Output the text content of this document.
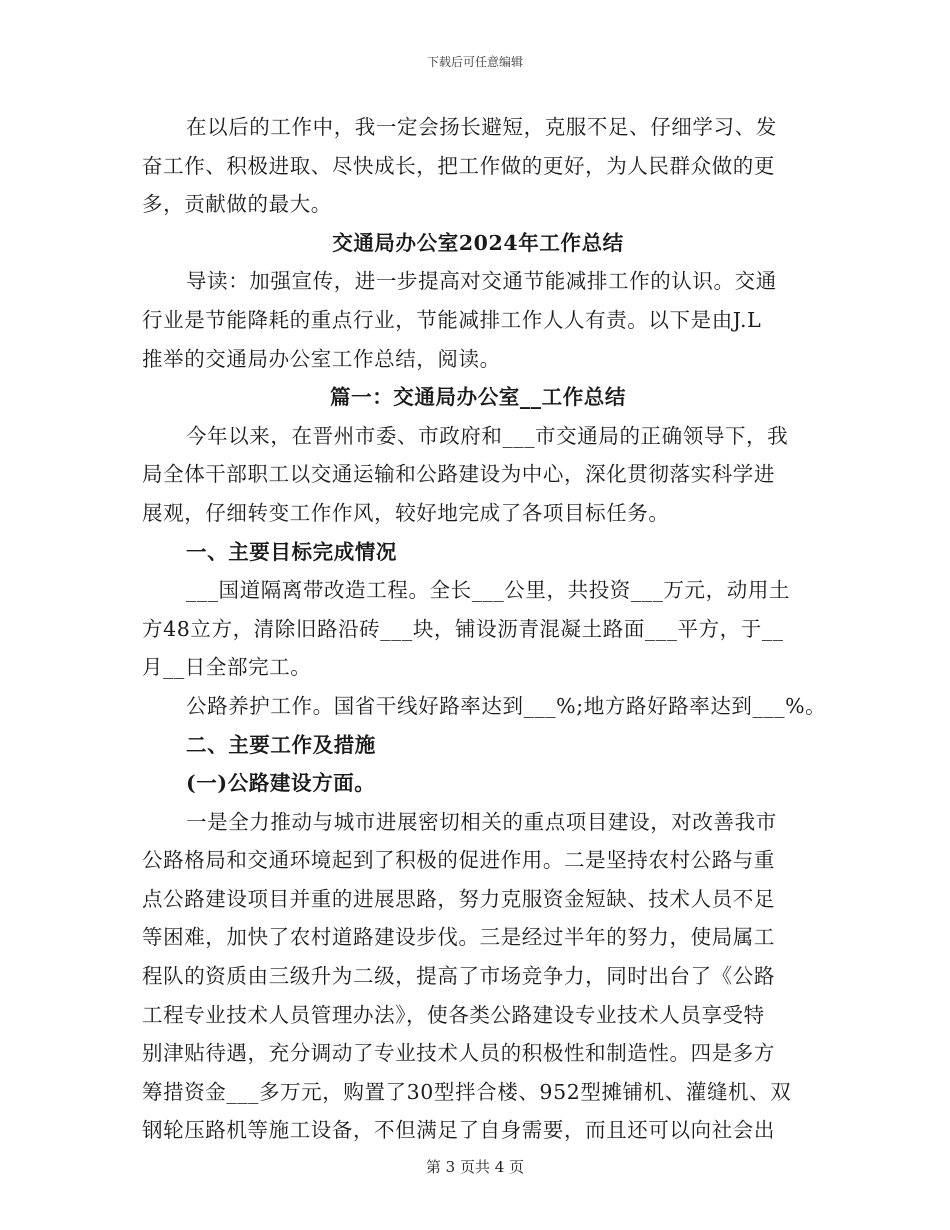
下载后可任意编辑
在以后的工作中，我一定会扬长避短，克服不足、仔细学习、发
奋工作、积极进取、尽快成长，把工作做的更好，为人民群众做的更
多，贡献做的最大。
交通局办公室2024年工作总结
导读：加强宣传，进一步提高对交通节能减排工作的认识。交通
行业是节能降耗的重点行业，节能减排工作人人有责。以下是由J.L
推举的交通局办公室工作总结，阅读。
篇一：交通局办公室__工作总结
今年以来，在晋州市委、市政府和___市交通局的正确领导下，我
局全体干部职工以交通运输和公路建设为中心，深化贯彻落实科学进
展观，仔细转变工作作风，较好地完成了各项目标任务。
一、主要目标完成情况
___国道隔离带改造工程。全长___公里，共投资___万元，动用土
方48立方，清除旧路沿砖___块，铺设沥青混凝土路面___平方，于__
月__日全部完工。
公路养护工作。国省干线好路率达到___%;地方路好路率达到___%。
二、主要工作及措施
(一)公路建设方面。
一是全力推动与城市进展密切相关的重点项目建设，对改善我市
公路格局和交通环境起到了积极的促进作用。二是坚持农村公路与重
点公路建设项目并重的进展思路，努力克服资金短缺、技术人员不足
等困难，加快了农村道路建设步伐。三是经过半年的努力，使局属工
程队的资质由三级升为二级，提高了市场竞争力，同时出台了《公路
工程专业技术人员管理办法》，使各类公路建设专业技术人员享受特
别津贴待遇，充分调动了专业技术人员的积极性和制造性。四是多方
筹措资金___多万元，购置了30型拌合楼、952型摊铺机、灌缝机、双
钢轮压路机等施工设备，不但满足了自身需要，而且还可以向社会出
第 3 页共 4 页
